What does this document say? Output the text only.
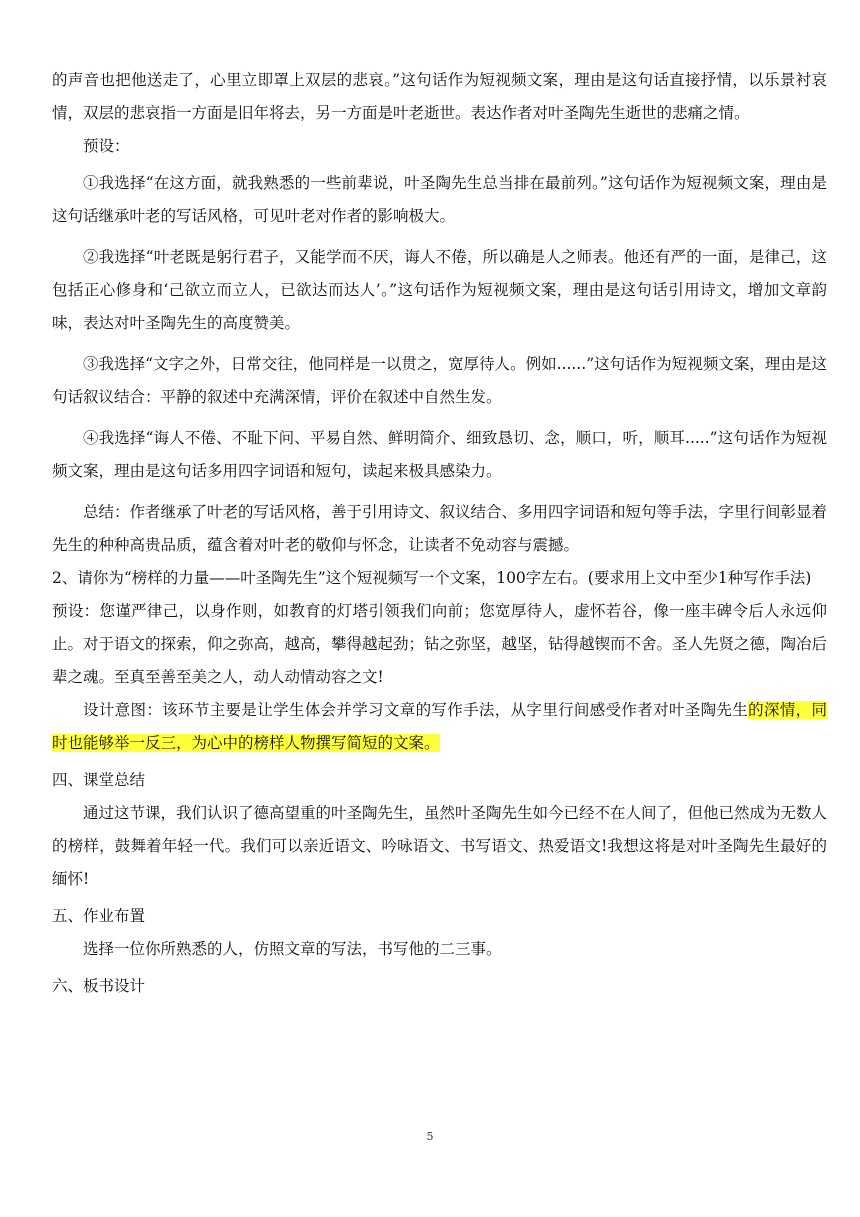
的声音也把他送走了，心里立即罩上双层的悲哀。”这句话作为短视频文案，理由是这句话直接抒情，以乐景衬哀情，双层的悲哀指一方面是旧年将去，另一方面是叶老逝世。表达作者对叶圣陶先生逝世的悲痛之情。

预设：

①我选择“在这方面，就我熟悉的一些前辈说，叶圣陶先生总当排在最前列。”这句话作为短视频文案，理由是这句话继承叶老的写话风格，可见叶老对作者的影响极大。

②我选择“叶老既是躬行君子，又能学而不厌，诲人不倦，所以确是人之师表。他还有严的一面，是律己，这包括正心修身和‘己欲立而立人，已欲达而达人’。”这句话作为短视频文案，理由是这句话引用诗文，增加文章韵味，表达对叶圣陶先生的高度赞美。

③我选择“文字之外，日常交往，他同样是一以贯之，宽厚待人。例如......”这句话作为短视频文案，理由是这句话叙议结合：平静的叙述中充满深情，评价在叙述中自然生发。

④我选择“诲人不倦、不耻下问、平易自然、鲜明简介、细致恳切、念，顺口，听，顺耳.....”这句话作为短视频文案，理由是这句话多用四字词语和短句，读起来极具感染力。

总结：作者继承了叶老的写话风格，善于引用诗文、叙议结合、多用四字词语和短句等手法，字里行间彰显着先生的种种高贵品质，蕴含着对叶老的敬仰与怀念，让读者不免动容与震撼。

2、请你为“榜样的力量——叶圣陶先生”这个短视频写一个文案，100字左右。(要求用上文中至少1种写作手法)

预设：您谨严律己，以身作则，如教育的灯塔引领我们向前；您宽厚待人，虚怀若谷，像一座丰碑令后人永远仰止。对于语文的探索，仰之弥高，越高，攀得越起劲；钻之弥坚，越坚，钻得越锲而不舍。圣人先贤之德，陶冶后辈之魂。至真至善至美之人，动人动情动容之文!

设计意图：该环节主要是让学生体会并学习文章的写作手法，从字里行间感受作者对叶圣陶先生的深情，同时也能够举一反三，为心中的榜样人物撰写简短的文案。

四、课堂总结

通过这节课，我们认识了德高望重的叶圣陶先生，虽然叶圣陶先生如今已经不在人间了，但他已然成为无数人的榜样，鼓舞着年轻一代。我们可以亲近语文、吟咏语文、书写语文、热爱语文!我想这将是对叶圣陶先生最好的缅怀!

五、作业布置

选择一位你所熟悉的人，仿照文章的写法，书写他的二三事。

六、板书设计

5
